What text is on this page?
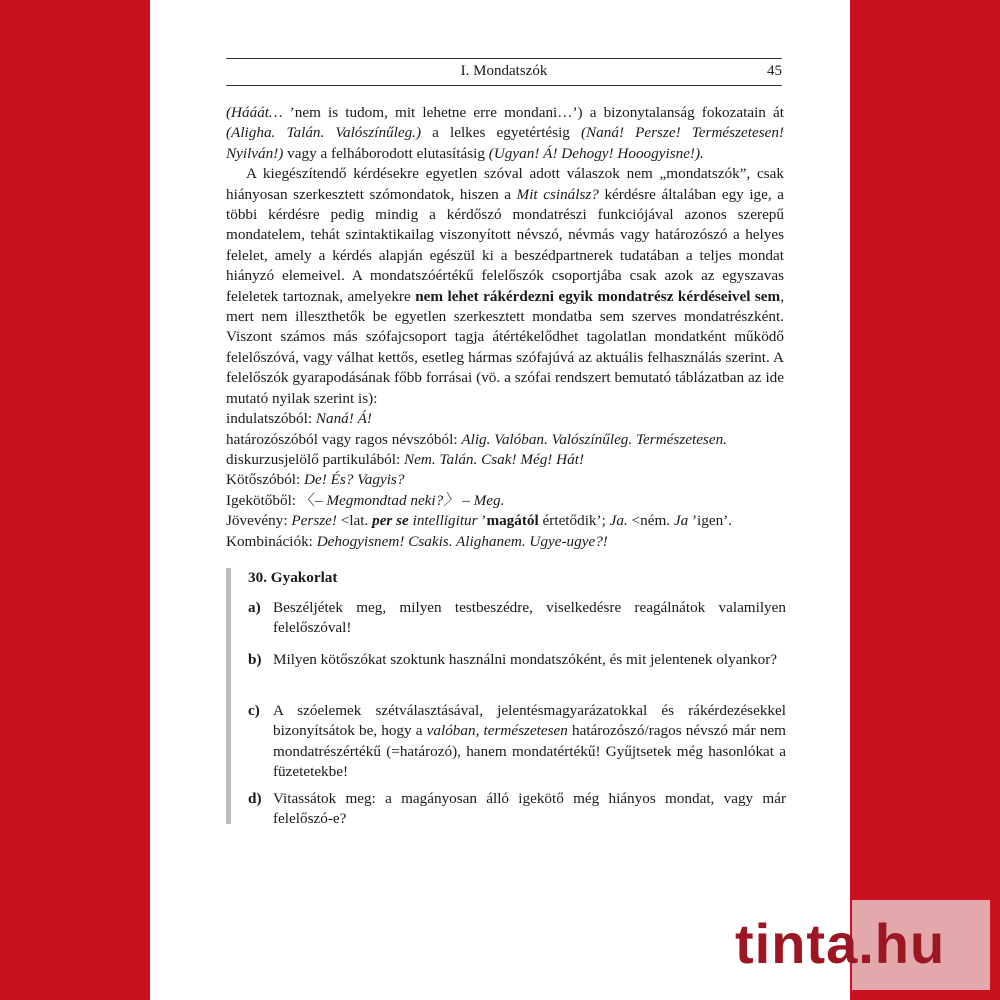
I. Mondatszók	45

(Hááát… ’nem is tudom, mit lehetne erre mondani…’) a bizonytalanság fokozatain át (Aligha. Talán. Valószínűleg.) a lelkes egyetértésig (Naná! Persze! Természetesen! Nyilván!) vagy a felháborodott elutasításig (Ugyan! Á! Dehogy! Hooogyisne!).

A kiegészítendő kérdésekre egyetlen szóval adott válaszok nem „mondatszók”, csak hiányosan szerkesztett szómondatok, hiszen a Mit csinálsz? kérdésre általában egy ige, a többi kérdésre pedig mindig a kérdőszó mondatrészi funkciójával azonos szerepű mondatelem, tehát szintaktikailag viszonyított névszó, névmás vagy határozószó a helyes felelet, amely a kérdés alapján egészül ki a beszédpartnerek tudatában a teljes mondat hiányzó elemeivel. A mondatszóértékű felelőszók csoportjába csak azok az egyszavas feleletek tartoznak, amelyekre nem lehet rákérdezni egyik mondatrész kérdéseivel sem, mert nem illeszthetők be egyetlen szerkesztett mondatba sem szerves mondatrészként. Viszont számos más szófajcsoport tagja átértékelődhet tagolatlan mondatként működő felelőszóvá, vagy válhat kettős, esetleg hármas szófajúvá az aktuális felhasználás szerint. A felelőszók gyarapodásának főbb forrásai (vö. a szófai rendszert bemutató táblázatban az ide mutató nyilak szerint is):

indulatszóból: Naná! Á!

határozószóból vagy ragos névszóból: Alig. Valóban. Valószínűleg. Természetesen.

diskurzusjelölő partikulából: Nem. Talán. Csak! Még! Hát!

Kötőszóból: De! És? Vagyis?

Igekötőből: 〈– Megmondtad neki?〉 – Meg.

Jövevény: Persze! <lat. per se intelligitur ’magától értetődik’; Ja. <ném. Ja ’igen’.

Kombinációk: Dehogyisnem! Csakis. Alighanem. Ugye-ugye?!

30. Gyakorlat
a) Beszéljétek meg, milyen testbeszédre, viselkedésre reagálnátok valamilyen felelőszóval!
b) Milyen kötőszókat szoktunk használni mondatszóként, és mit jelentenek olyankor?
c) A szóelemek szétválasztásával, jelentésmagyarázatokkal és rákérdezésekkel bizonyítsátok be, hogy a valóban, természetesen határozószó/ragos névszó már nem mondatrészértékű (=határozó), hanem mondatértékű! Gyűjtsetek még hasonlókat a füzetetekbe!
d) Vitassátok meg: a magányosan álló igekötő még hiányos mondat, vagy már felelőszó-e?
tinta.hu
